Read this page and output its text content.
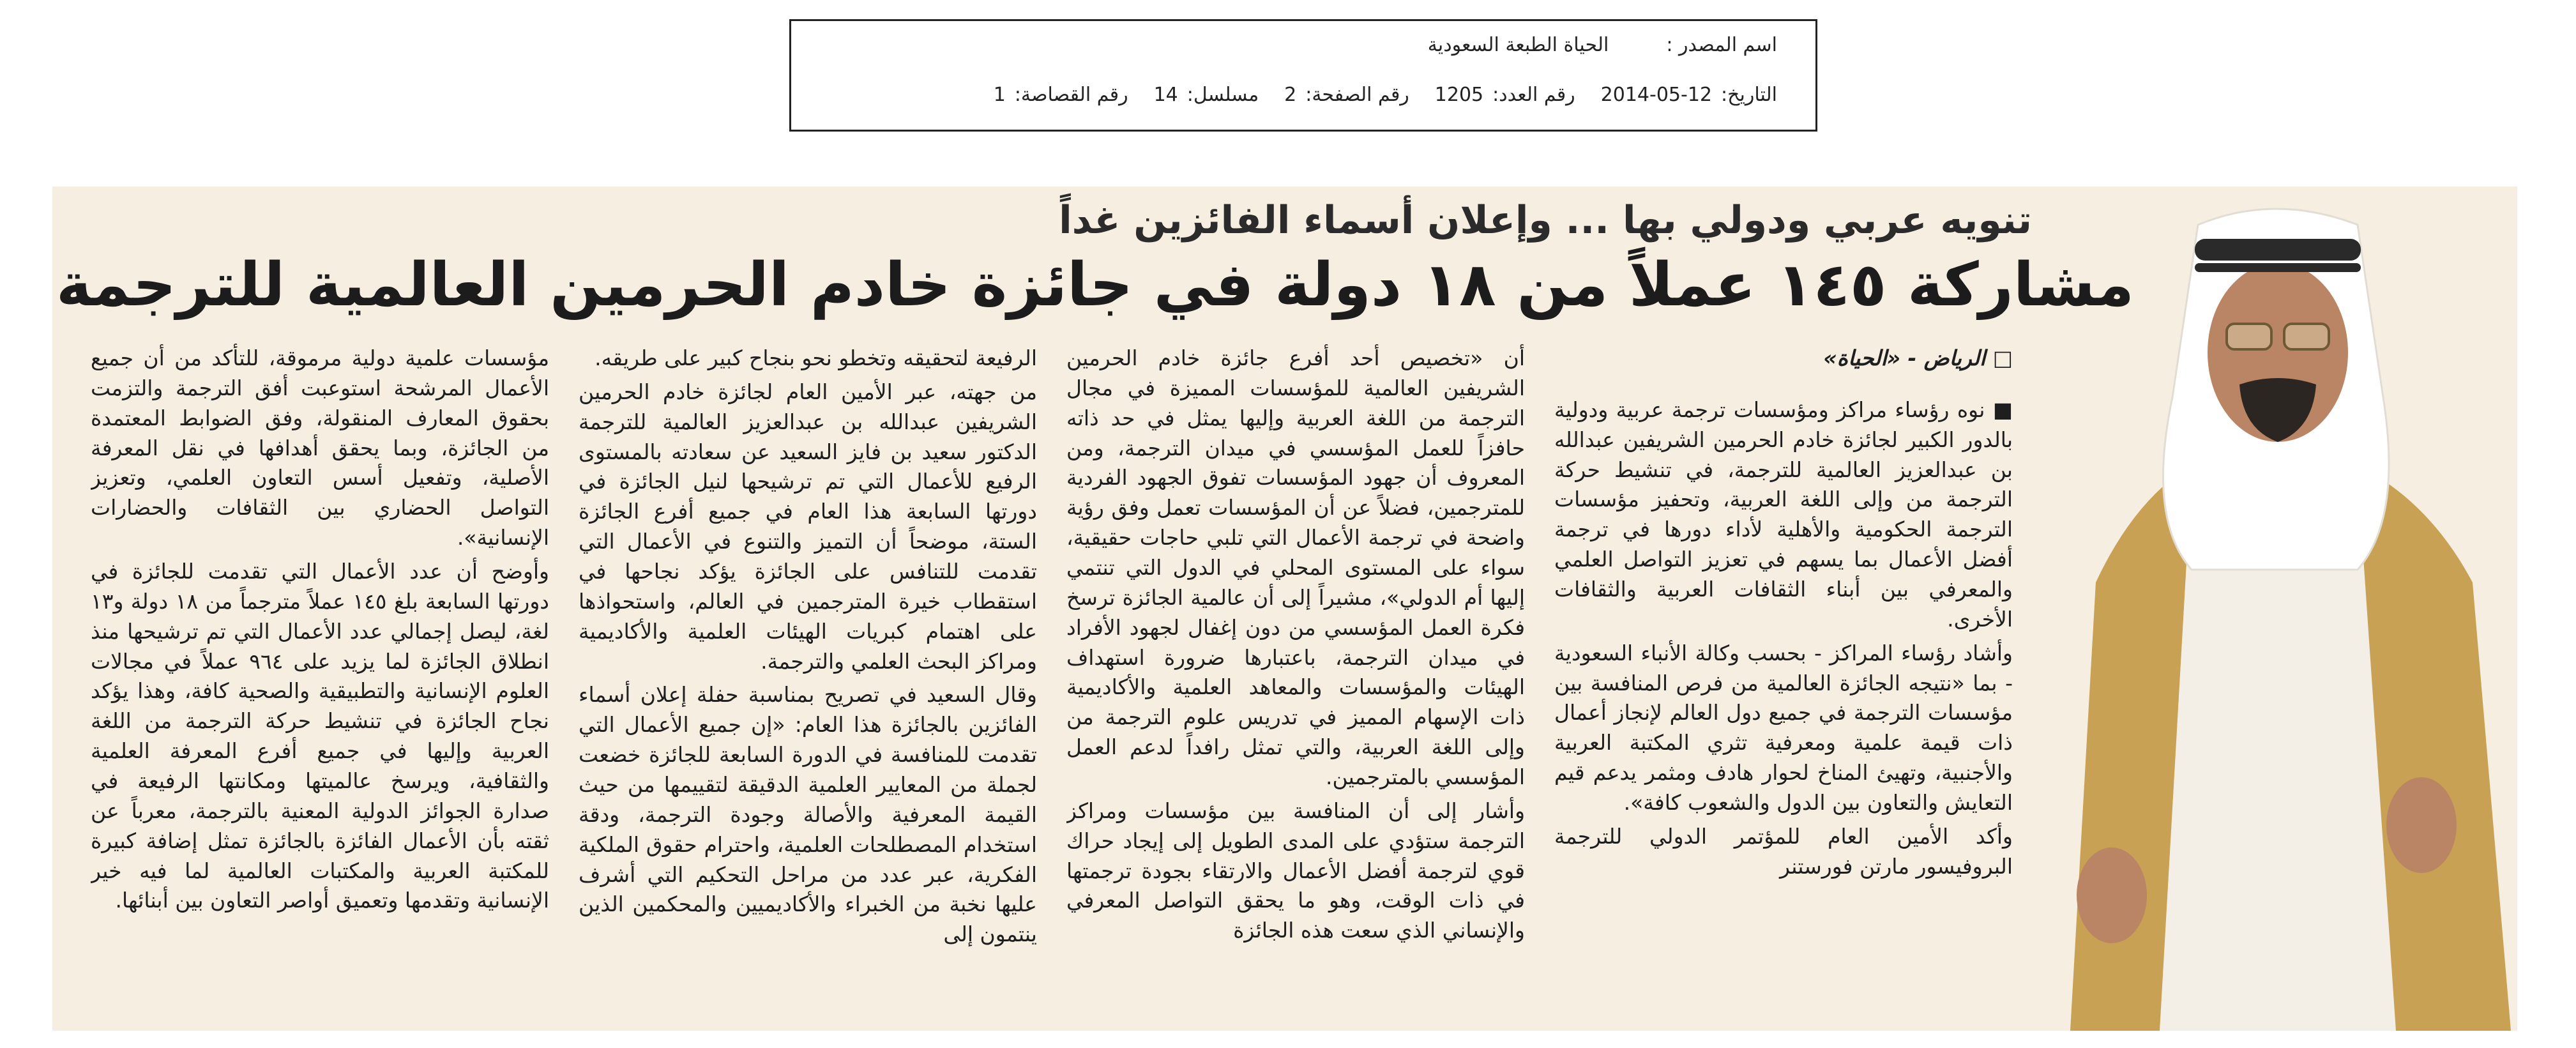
اسم المصدر :
الحياة الطبعة السعودية
التاريخ:
2014-05-12
رقم العدد:
1205
رقم الصفحة:
2
مسلسل:
14
رقم القصاصة:
1
تنويه عربي ودولي بها ... وإعلان أسماء الفائزين غداً
مشاركة ١٤٥ عملاً من ١٨ دولة في جائزة خادم الحرمين العالمية للترجمة

□ الرياض - «الحياة»

■ نوه رؤساء مراكز ومؤسسات ترجمة عربية ودولية بالدور الكبير لجائزة خادم الحرمين الشريفين عبدالله بن عبدالعزيز العالمية للترجمة، في تنشيط حركة الترجمة من وإلى اللغة العربية، وتحفيز مؤسسات الترجمة الحكومية والأهلية لأداء دورها في ترجمة أفضل الأعمال بما يسهم في تعزيز التواصل العلمي والمعرفي بين أبناء الثقافات العربية والثقافات الأخرى.

وأشاد رؤساء المراكز - بحسب وكالة الأنباء السعودية - بما «نتيجه الجائزة العالمية من فرص المنافسة بين مؤسسات الترجمة في جميع دول العالم لإنجاز أعمال ذات قيمة علمية ومعرفية تثري المكتبة العربية والأجنبية، وتهيئ المناخ لحوار هادف ومثمر يدعم قيم التعايش والتعاون بين الدول والشعوب كافة».

وأكد الأمين العام للمؤتمر الدولي للترجمة البروفيسور مارتن فورستنر

أن «تخصيص أحد أفرع جائزة خادم الحرمين الشريفين العالمية للمؤسسات المميزة في مجال الترجمة من اللغة العربية وإليها يمثل في حد ذاته حافزاً للعمل المؤسسي في ميدان الترجمة، ومن المعروف أن جهود المؤسسات تفوق الجهود الفردية للمترجمين، فضلاً عن أن المؤسسات تعمل وفق رؤية واضحة في ترجمة الأعمال التي تلبي حاجات حقيقية، سواء على المستوى المحلي في الدول التي تنتمي إليها أم الدولي»، مشيراً إلى أن عالمية الجائزة ترسخ فكرة العمل المؤسسي من دون إغفال لجهود الأفراد في ميدان الترجمة، باعتبارها ضرورة استهداف الهيئات والمؤسسات والمعاهد العلمية والأكاديمية ذات الإسهام المميز في تدريس علوم الترجمة من وإلى اللغة العربية، والتي تمثل رافداً لدعم العمل المؤسسي بالمترجمين.

وأشار إلى أن المنافسة بين مؤسسات ومراكز الترجمة ستؤدي على المدى الطويل إلى إيجاد حراك قوي لترجمة أفضل الأعمال والارتقاء بجودة ترجمتها في ذات الوقت، وهو ما يحقق التواصل المعرفي والإنساني الذي سعت هذه الجائزة

الرفيعة لتحقيقه وتخطو نحو بنجاح كبير على طريقه.

من جهته، عبر الأمين العام لجائزة خادم الحرمين الشريفين عبدالله بن عبدالعزيز العالمية للترجمة الدكتور سعيد بن فايز السعيد عن سعادته بالمستوى الرفيع للأعمال التي تم ترشيحها لنيل الجائزة في دورتها السابعة هذا العام في جميع أفرع الجائزة الستة، موضحاً أن التميز والتنوع في الأعمال التي تقدمت للتنافس على الجائزة يؤكد نجاحها في استقطاب خيرة المترجمين في العالم، واستحواذها على اهتمام كبريات الهيئات العلمية والأكاديمية ومراكز البحث العلمي والترجمة.

وقال السعيد في تصريح بمناسبة حفلة إعلان أسماء الفائزين بالجائزة هذا العام: «إن جميع الأعمال التي تقدمت للمنافسة في الدورة السابعة للجائزة خضعت لجملة من المعايير العلمية الدقيقة لتقييمها من حيث القيمة المعرفية والأصالة وجودة الترجمة، ودقة استخدام المصطلحات العلمية، واحترام حقوق الملكية الفكرية، عبر عدد من مراحل التحكيم التي أشرف عليها نخبة من الخبراء والأكاديميين والمحكمين الذين ينتمون إلى

مؤسسات علمية دولية مرموقة، للتأكد من أن جميع الأعمال المرشحة استوعبت أفق الترجمة والتزمت بحقوق المعارف المنقولة، وفق الضوابط المعتمدة من الجائزة، وبما يحقق أهدافها في نقل المعرفة الأصلية، وتفعيل أسس التعاون العلمي، وتعزيز التواصل الحضاري بين الثقافات والحضارات الإنسانية».

وأوضح أن عدد الأعمال التي تقدمت للجائزة في دورتها السابعة بلغ ١٤٥ عملاً مترجماً من ١٨ دولة و١٣ لغة، ليصل إجمالي عدد الأعمال التي تم ترشيحها منذ انطلاق الجائزة لما يزيد على ٩٦٤ عملاً في مجالات العلوم الإنسانية والتطبيقية والصحية كافة، وهذا يؤكد نجاح الجائزة في تنشيط حركة الترجمة من اللغة العربية وإليها في جميع أفرع المعرفة العلمية والثقافية، ويرسخ عالميتها ومكانتها الرفيعة في صدارة الجوائز الدولية المعنية بالترجمة، معرباً عن ثقته بأن الأعمال الفائزة بالجائزة تمثل إضافة كبيرة للمكتبة العربية والمكتبات العالمية لما فيه خير الإنسانية وتقدمها وتعميق أواصر التعاون بين أبنائها.
